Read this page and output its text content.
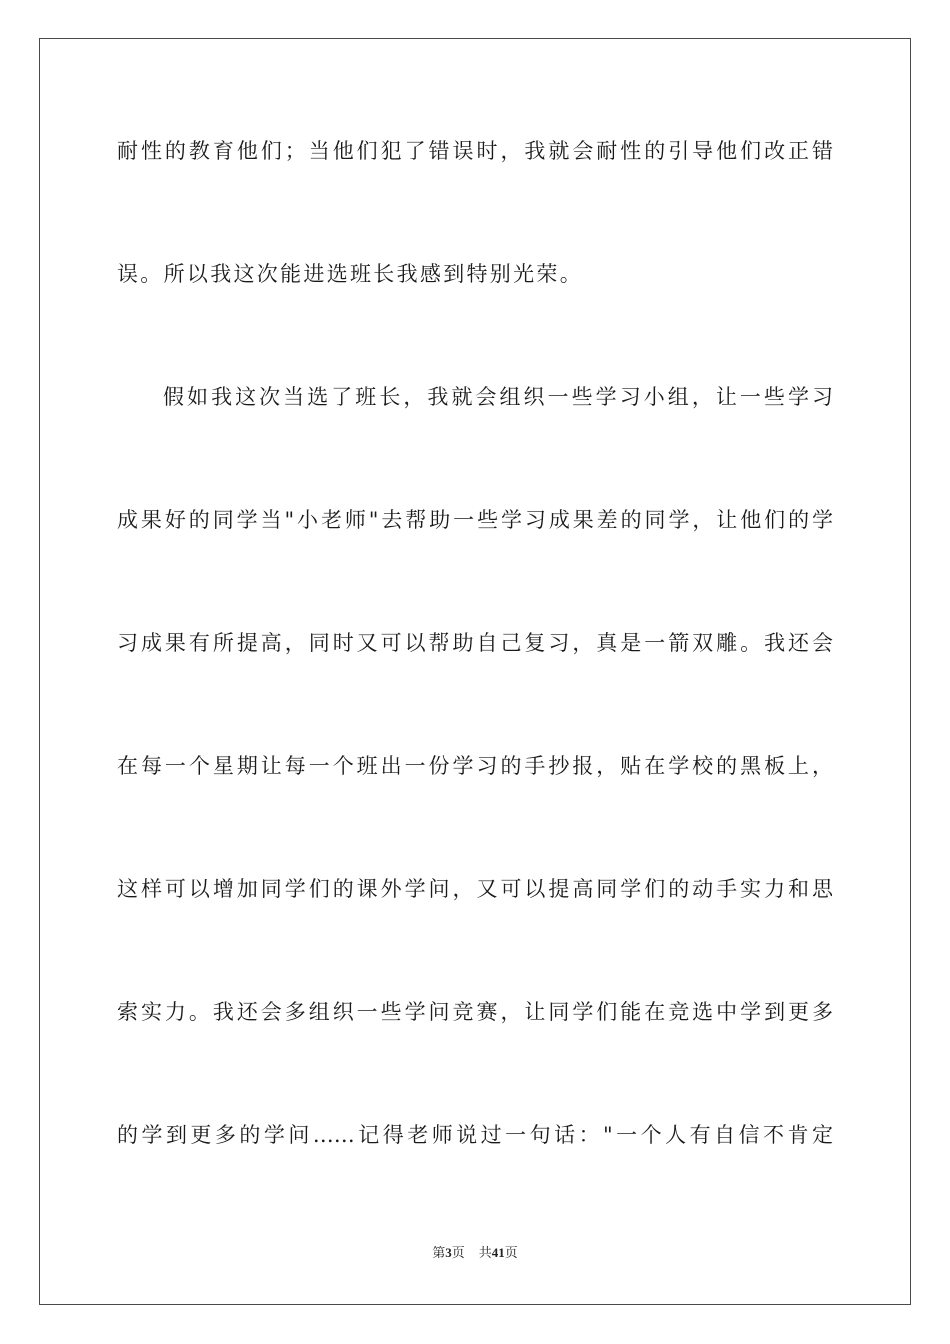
耐性的教育他们；当他们犯了错误时，我就会耐性的引导他们改正错
误。所以我这次能进选班长我感到特别光荣。
假如我这次当选了班长，我就会组织一些学习小组，让一些学习
成果好的同学当"小老师"去帮助一些学习成果差的同学，让他们的学
习成果有所提高，同时又可以帮助自己复习，真是一箭双雕。我还会
在每一个星期让每一个班出一份学习的手抄报，贴在学校的黑板上，
这样可以增加同学们的课外学问，又可以提高同学们的动手实力和思
索实力。我还会多组织一些学问竞赛，让同学们能在竞选中学到更多
的学到更多的学问……记得老师说过一句话："一个人有自信不肯定
第3页 共41页
